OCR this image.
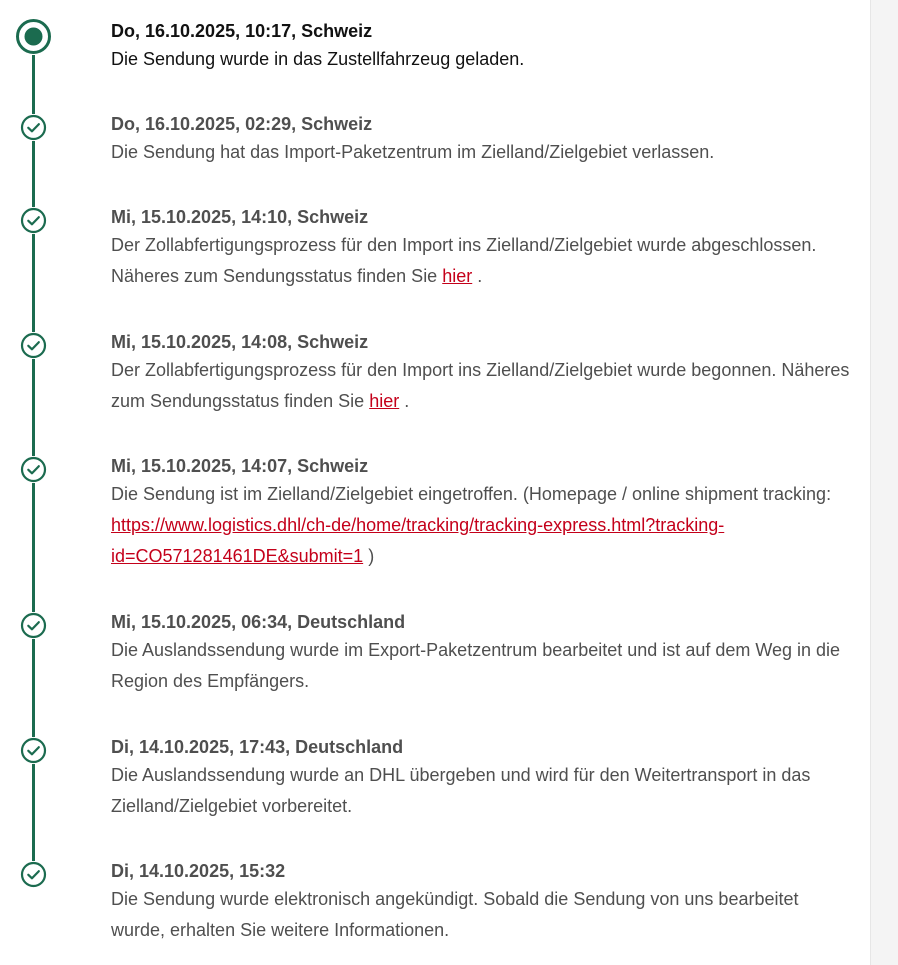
Do, 16.10.2025, 10:17, Schweiz
Die Sendung wurde in das Zustellfahrzeug geladen.
Do, 16.10.2025, 02:29, Schweiz
Die Sendung hat das Import-Paketzentrum im Zielland/Zielgebiet verlassen.
Mi, 15.10.2025, 14:10, Schweiz
Der Zollabfertigungsprozess für den Import ins Zielland/Zielgebiet wurde abgeschlossen. Näheres zum Sendungsstatus finden Sie hier .
Mi, 15.10.2025, 14:08, Schweiz
Der Zollabfertigungsprozess für den Import ins Zielland/Zielgebiet wurde begonnen. Näheres zum Sendungsstatus finden Sie hier .
Mi, 15.10.2025, 14:07, Schweiz
Die Sendung ist im Zielland/Zielgebiet eingetroffen. (Homepage / online shipment tracking: https://www.logistics.dhl/ch-de/home/tracking/tracking-express.html?tracking-id=CO571281461DE&submit=1 )
Mi, 15.10.2025, 06:34, Deutschland
Die Auslandssendung wurde im Export-Paketzentrum bearbeitet und ist auf dem Weg in die Region des Empfängers.
Di, 14.10.2025, 17:43, Deutschland
Die Auslandssendung wurde an DHL übergeben und wird für den Weitertransport in das Zielland/Zielgebiet vorbereitet.
Di, 14.10.2025, 15:32
Die Sendung wurde elektronisch angekündigt. Sobald die Sendung von uns bearbeitet wurde, erhalten Sie weitere Informationen.
